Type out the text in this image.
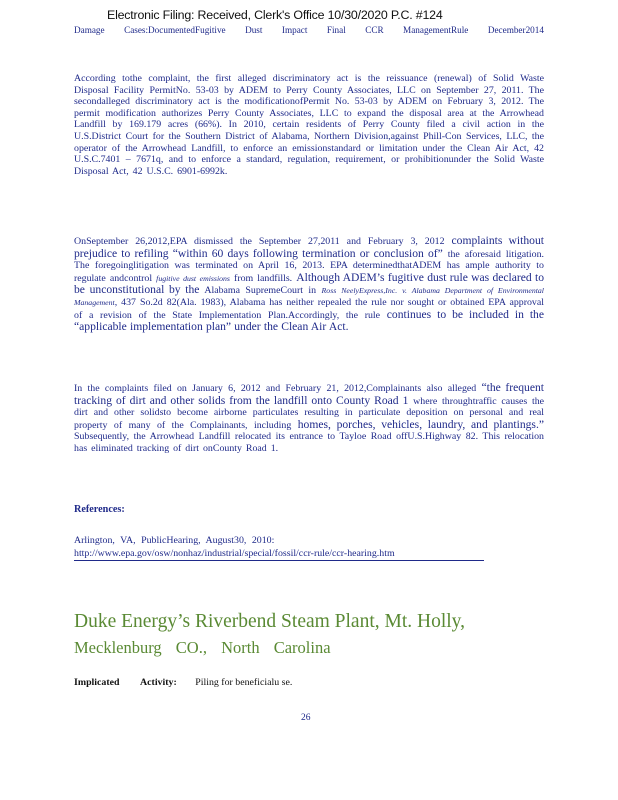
Electronic Filing: Received, Clerk's Office 10/30/2020 P.C. #124
Damage Cases:DocumentedFugitive Dust Impact Final CCR ManagementRule December2014

According tothe complaint, the first alleged discriminatory act is the reissuance (renewal) of Solid Waste Disposal Facility PermitNo. 53-03 by ADEM to Perry County Associates, LLC on September 27, 2011. The secondalleged discriminatory act is the modificationofPermit No. 53-03 by ADEM on February 3, 2012. The permit modification authorizes Perry County Associates, LLC to expand the disposal area at the Arrowhead Landfill by 169.179 acres (66%). In 2010, certain residents of Perry County filed a civil action in the U.S.District Court for the Southern District of Alabama, Northern Division,against Phill-Con Services, LLC, the operator of the Arrowhead Landfill, to enforce an emissionstandard or limitation under the Clean Air Act, 42 U.S.C.7401 – 7671q, and to enforce a standard, regulation, requirement, or prohibitionunder the Solid Waste Disposal Act, 42 U.S.C. 6901-6992k.

OnSeptember 26,2012,EPA dismissed the September 27,2011 and February 3, 2012 complaints without prejudice to refiling “within 60 days following termination or conclusion of” the aforesaid litigation. The foregoinglitigation was terminated on April 16, 2013. EPA determinedthatADEM has ample authority to regulate andcontrol fugitive dust emissions from landfills. Although ADEM’s fugitive dust rule was declared to be unconstitutional by the Alabama SupremeCourt in Ross NeelyExpress,Inc. v. Alabama Department of Environmental Management, 437 So.2d 82(Ala. 1983), Alabama has neither repealed the rule nor sought or obtained EPA approval of a revision of the State Implementation Plan.Accordingly, the rule continues to be included in the “applicable implementation plan” under the Clean Air Act.

In the complaints filed on January 6, 2012 and February 21, 2012,Complainants also alleged “the frequent tracking of dirt and other solids from the landfill onto County Road 1 where throughtraffic causes the dirt and other solidsto become airborne particulates resulting in particulate deposition on personal and real property of many of the Complainants, including homes, porches, vehicles, laundry, and plantings.” Subsequently, the Arrowhead Landfill relocated its entrance to Tayloe Road offU.S.Highway 82. This relocation has eliminated tracking of dirt onCounty Road 1.

References:
Arlington, VA, PublicHearing, August30, 2010:
http://www.epa.gov/osw/nonhaz/industrial/special/fossil/ccr-rule/ccr-hearing.htm
Duke Energy’s Riverbend Steam Plant, Mt. Holly,
Mecklenburg CO., North Carolina
Implicated Activity: Piling for beneficialu se.
26
